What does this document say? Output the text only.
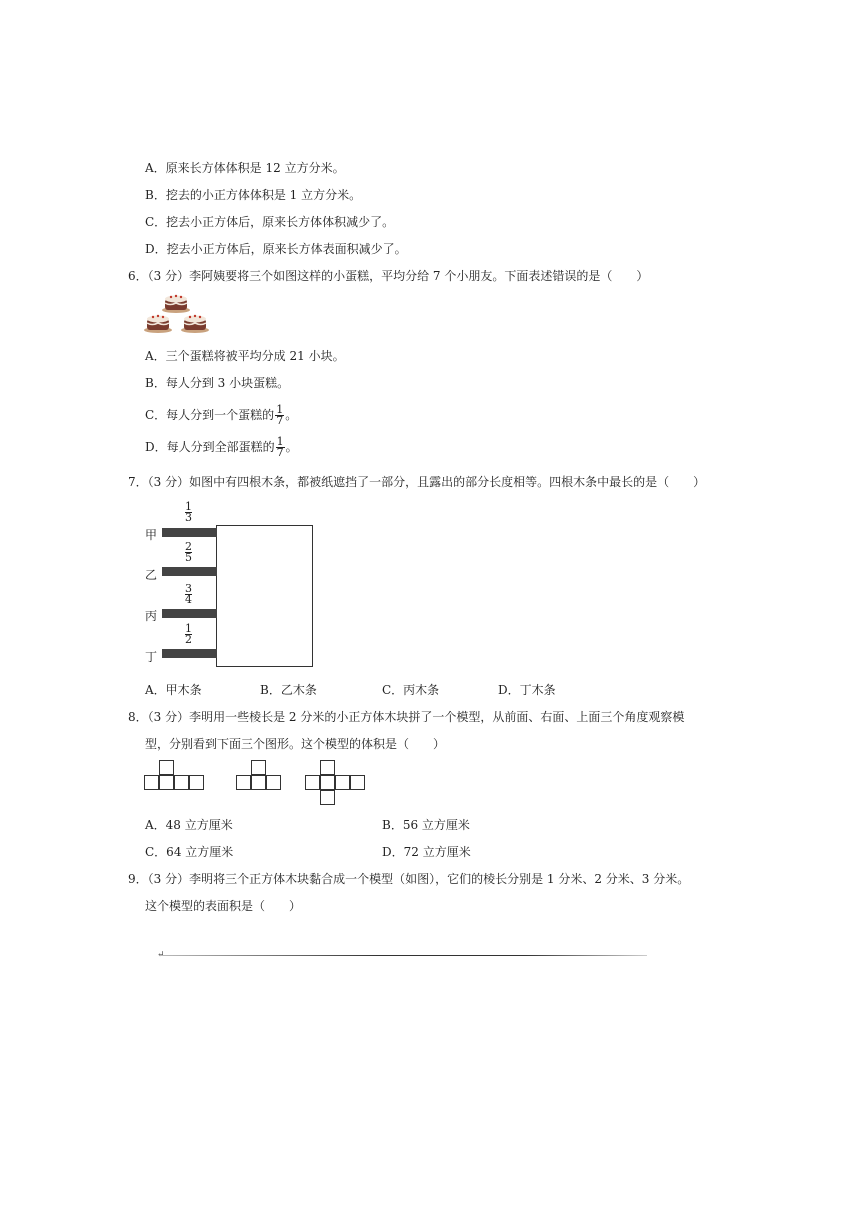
A．原来长方体体积是 12 立方分米。
B．挖去的小正方体体积是 1 立方分米。
C．挖去小正方体后，原来长方体体积减少了。
D．挖去小正方体后，原来长方体表面积减少了。
6．（3 分）李阿姨要将三个如图这样的小蛋糕，平均分给 7 个小朋友。下面表述错误的是（　　）
A．三个蛋糕将被平均分成 21 小块。
B．每人分到 3 小块蛋糕。
C．每人分到一个蛋糕的 $\frac{1}{7}$ 。
D．每人分到全部蛋糕的 $\frac{1}{7}$ 。
7．（3 分）如图中有四根木条，都被纸遮挡了一部分，且露出的部分长度相等。四根木条中最长的是（　　）
$\frac{1}{3}$
甲
$\frac{2}{5}$
乙
$\frac{3}{4}$
丙
$\frac{1}{2}$
丁
A．甲木条	B．乙木条	C．丙木条	D．丁木条
8．（3 分）李明用一些棱长是 2 分米的小正方体木块拼了一个模型，从前面、右面、上面三个角度观察模
型，分别看到下面三个图形。这个模型的体积是（　　）
A．48 立方厘米	B．56 立方厘米
C．64 立方厘米	D．72 立方厘米
9．（3 分）李明将三个正方体木块黏合成一个模型（如图），它们的棱长分别是 1 分米、2 分米、3 分米。
这个模型的表面积是（　　）
↵
